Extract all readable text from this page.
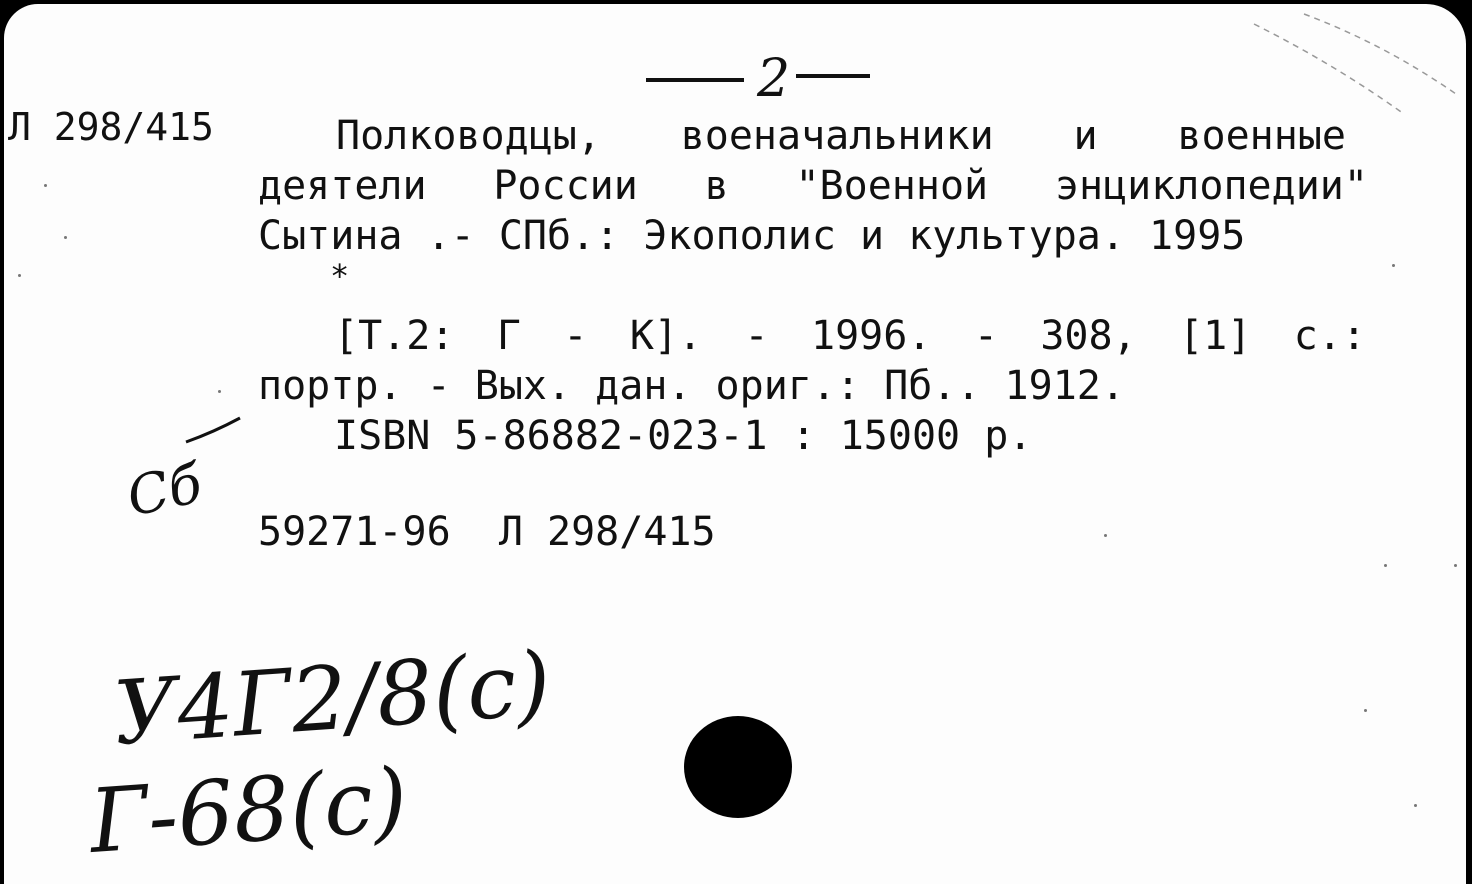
2
Л 298/415	Полководцы, военачальники и военные
деятели России в "Военной энциклопедии"
Сытина .- СПб.: Экополис и культура. 1995
*
[Т.2: Г - К]. - 1996. - 308, [1] с.:
портр. - Вых. дан. ориг.: Пб.. 1912.
ISBN 5-86882-023-1 : 15000 р.
59271-96  Л 298/415
Сб
У4Г2/8(с)
Г-68(с)
